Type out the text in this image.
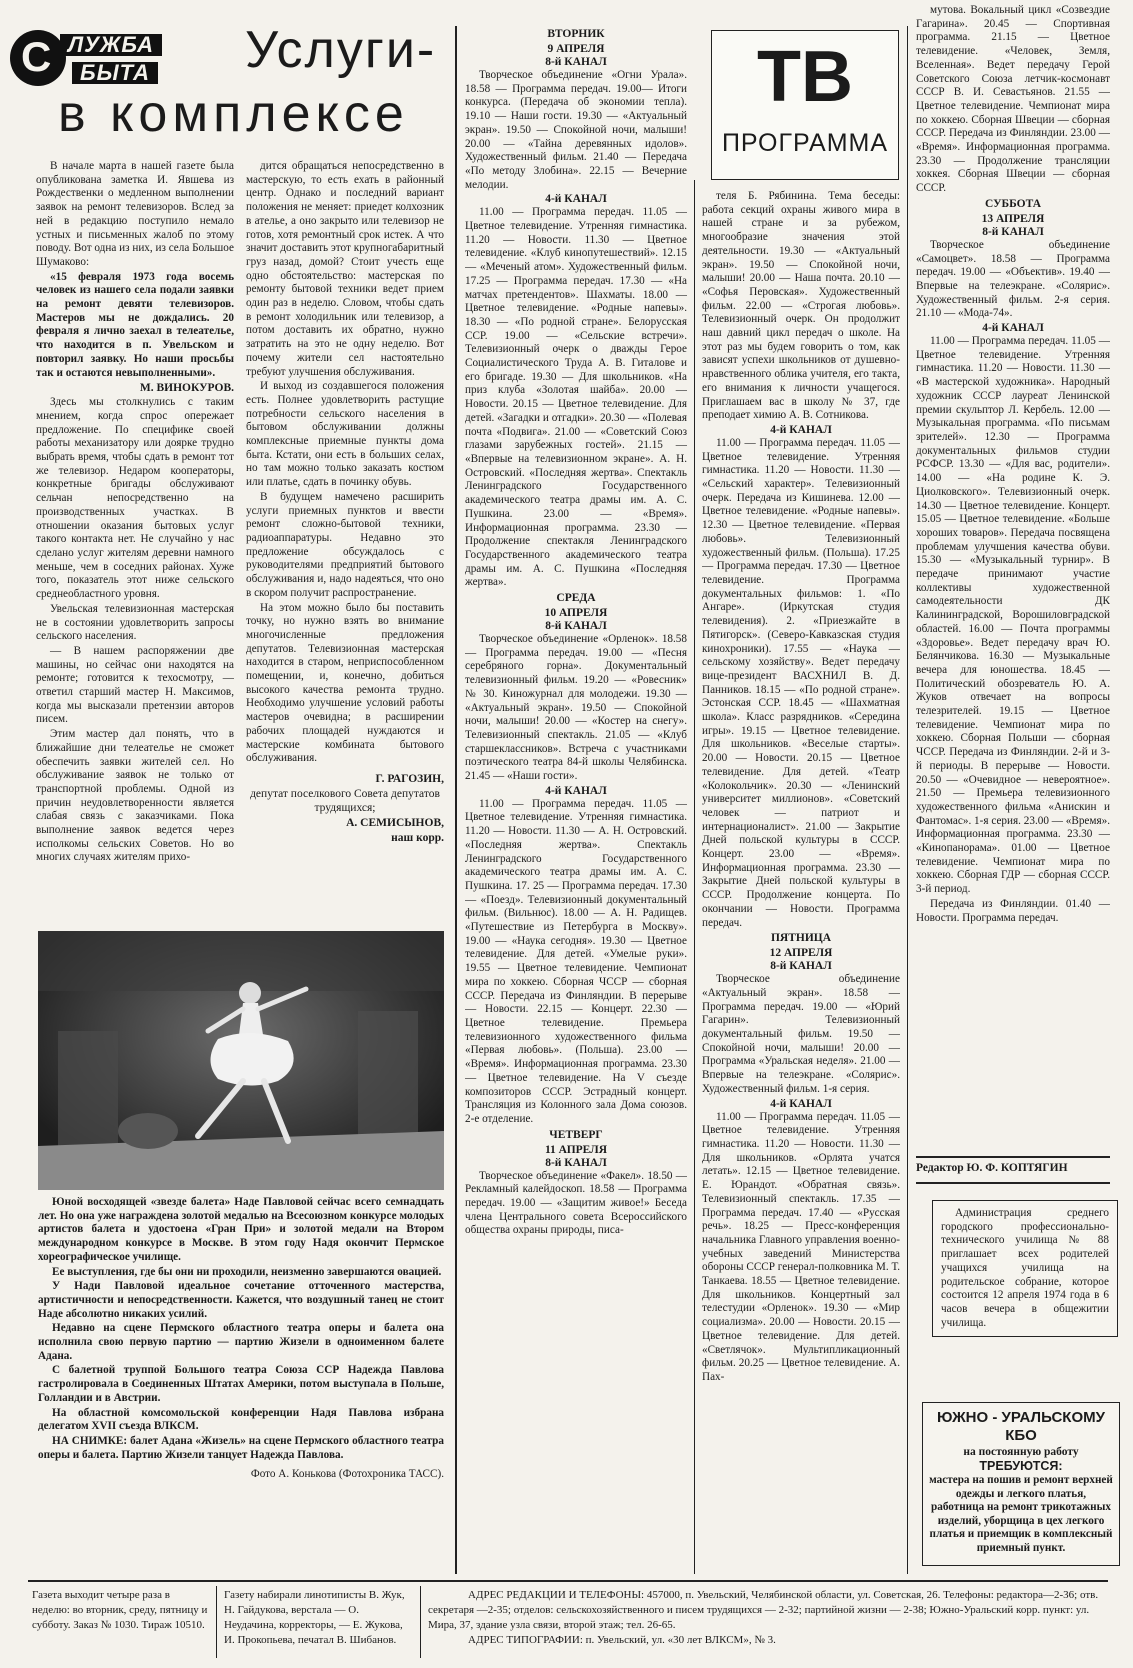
С ЛУЖБА
БЫТА Услуги-
в комплексе

В начале марта в нашей газете была опубликована заметка И. Явшева из Рождественки о медленном выполнении заявок на ремонт телевизоров. Вслед за ней в редакцию поступило немало устных и письменных жалоб по этому поводу. Вот одна из них, из села Большое Шумаково:

«15 февраля 1973 года восемь человек из нашего села подали заявки на ремонт девяти телевизоров. Мастеров мы не дождались. 20 февраля я лично заехал в телеателье, что находится в п. Увельском и повторил заявку. Но наши просьбы так и остаются невыполненными».

М. ВИНОКУРОВ.

Здесь мы столкнулись с таким мнением, когда спрос опережает предложение. По специфике своей работы механизатору или доярке трудно выбрать время, чтобы сдать в ремонт тот же телевизор. Недаром кооператоры, конкретные бригады обслуживают сельчан непосредственно на производственных участках. В отношении оказания бытовых услуг такого контакта нет. Не случайно у нас сделано услуг жителям деревни намного меньше, чем в соседних районах. Хуже того, показатель этот ниже сельского среднеобластного уровня.

Увельская телевизионная мастерская не в состоянии удовлетворить запросы сельского населения.

— В нашем распоряжении две машины, но сейчас они находятся на ремонте; готовится к техосмотру, — ответил старший мастер Н. Максимов, когда мы высказали претензии авторов писем.

Этим мастер дал понять, что в ближайшие дни телеателье не сможет обеспечить заявки жителей сел. Но обслуживание заявок не только от транспортной проблемы. Одной из причин неудовлетворенности является слабая связь с заказчиками. Пока выполнение заявок ведется через исполкомы сельских Советов. Но во многих случаях жителям прихо-

дится обращаться непосредственно в мастерскую, то есть ехать в районный центр. Однако и последний вариант положения не меняет: приедет колхозник в ателье, а оно закрыто или телевизор не готов, хотя ремонтный срок истек. А что значит доставить этот крупногабаритный груз назад, домой? Стоит учесть еще одно обстоятельство: мастерская по ремонту бытовой техники ведет прием один раз в неделю. Словом, чтобы сдать в ремонт холодильник или телевизор, а потом доставить их обратно, нужно затратить на это не одну неделю. Вот почему жители сел настоятельно требуют улучшения обслуживания.

И выход из создавшегося положения есть. Полнее удовлетворить растущие потребности сельского населения в бытовом обслуживании должны комплексные приемные пункты дома быта. Кстати, они есть в больших селах, но там можно только заказать костюм или платье, сдать в починку обувь.

В будущем намечено расширить услуги приемных пунктов и ввести ремонт сложно-бытовой техники, радиоаппаратуры. Недавно это предложение обсуждалось с руководителями предприятий бытового обслуживания и, надо надеяться, что оно в скором получит распространение.

На этом можно было бы поставить точку, но нужно взять во внимание многочисленные предложения депутатов. Телевизионная мастерская находится в старом, неприспособленном помещении, и, конечно, добиться высокого качества ремонта трудно. Необходимо улучшение условий работы мастеров очевидна; в расширении рабочих площадей нуждаются и мастерские комбината бытового обслуживания.

Г. РАГОЗИН,

депутат поселкового Совета депутатов трудящихся;

А. СЕМИСЫНОВ,

наш корр.

Юной восходящей «звезде балета» Наде Павловой сейчас всего семнадцать лет. Но она уже награждена золотой медалью на Всесоюзном конкурсе молодых артистов балета и удостоена «Гран При» и золотой медали на Втором международном конкурсе в Москве. В этом году Надя окончит Пермское хореографическое училище.

Ее выступления, где бы они ни проходили, неизменно завершаются овацией.

У Нади Павловой идеальное сочетание отточенного мастерства, артистичности и непосредственности. Кажется, что воздушный танец не стоит Наде абсолютно никаких усилий.

Недавно на сцене Пермского областного театра оперы и балета она исполнила свою первую партию — партию Жизели в одноименном балете Адана.

С балетной труппой Большого театра Союза ССР Надежда Павлова гастролировала в Соединенных Штатах Америки, потом выступала в Польше, Голландии и в Австрии.

На областной комсомольской конференции Надя Павлова избрана делегатом XVII съезда ВЛКСМ.

НА СНИМКЕ: балет Адана «Жизель» на сцене Пермского областного театра оперы и балета. Партию Жизели танцует Надежда Павлова.

Фото А. Конькова (Фотохроника ТАСС).

ТВ
ПРОГРАММА

ВТОРНИК

9 АПРЕЛЯ

8-й КАНАЛ

Творческое объединение «Огни Урала». 18.58 — Программа передач. 19.00— Итоги конкурса. (Передача об экономии тепла). 19.10 — Наши гости. 19.30 — «Актуальный экран». 19.50 — Спокойной ночи, малыши! 20.00 — «Тайна деревянных идолов». Художественный фильм. 21.40 — Передача «По методу Злобина». 22.15 — Вечерние мелодии.

4-й КАНАЛ

11.00 — Программа передач. 11.05 — Цветное телевидение. Утренняя гимнастика. 11.20 — Новости. 11.30 — Цветное телевидение. «Клуб кинопутешествий». 12.15 — «Меченый атом». Художественный фильм. 17.25 — Программа передач. 17.30 — «На матчах претендентов». Шахматы. 18.00 — Цветное телевидение. «Родные напевы». 18.30 — «По родной стране». Белорусская ССР. 19.00 — «Сельские встречи». Телевизионный очерк о дважды Герое Социалистического Труда А. В. Гиталове и его бригаде. 19.30 — Для школьников. «На приз клуба «Золотая шайба». 20.00 — Новости. 20.15 — Цветное телевидение. Для детей. «Загадки и отгадки». 20.30 — «Полевая почта «Подвига». 21.00 — «Советский Союз глазами зарубежных гостей». 21.15 — «Впервые на телевизионном экране». А. Н. Островский. «Последняя жертва». Спектакль Ленинградского Государственного академического театра драмы им. А. С. Пушкина. 23.00 — «Время». Информационная программа. 23.30 — Продолжение спектакля Ленинградского Государственного академического театра драмы им. А. С. Пушкина «Последняя жертва».

СРЕДА

10 АПРЕЛЯ

8-й КАНАЛ

Творческое объединение «Орленок». 18.58 — Программа передач. 19.00 — «Песня серебряного горна». Документальный телевизионный фильм. 19.20 — «Ровесник» № 30. Киножурнал для молодежи. 19.30 — «Актуальный экран». 19.50 — Спокойной ночи, малыши! 20.00 — «Костер на снегу». Телевизионный спектакль. 21.05 — «Клуб старшеклассников». Встреча с участниками поэтического театра 84-й школы Челябинска. 21.45 — «Наши гости».

4-й КАНАЛ

11.00 — Программа передач. 11.05 — Цветное телевидение. Утренняя гимнастика. 11.20 — Новости. 11.30 — А. Н. Островский. «Последняя жертва». Спектакль Ленинградского Государственного академического театра драмы им. А. С. Пушкина. 17. 25 — Программа передач. 17.30 — «Поезд». Телевизионный документальный фильм. (Вильнюс). 18.00 — А. Н. Радищев. «Путешествие из Петербурга в Москву». 19.00 — «Наука сегодня». 19.30 — Цветное телевидение. Для детей. «Умелые руки». 19.55 — Цветное телевидение. Чемпионат мира по хоккею. Сборная ЧССР — сборная СССР. Передача из Финляндии. В перерыве — Новости. 22.15 — Концерт. 22.30 — Цветное телевидение. Премьера телевизионного художественного фильма «Первая любовь». (Польша). 23.00 — «Время». Информационная программа. 23.30 — Цветное телевидение. На V съезде композиторов СССР. Эстрадный концерт. Трансляция из Колонного зала Дома союзов. 2-е отделение.

ЧЕТВЕРГ

11 АПРЕЛЯ

8-й КАНАЛ

Творческое объединение «Факел». 18.50 — Рекламный калейдоскоп. 18.58 — Программа передач. 19.00 — «Защитим живое!» Беседа члена Центрального совета Всероссийского общества охраны природы, писа-

теля Б. Рябинина. Тема беседы: работа секций охраны живого мира в нашей стране и за рубежом, многообразие значения этой деятельности. 19.30 — «Актуальный экран». 19.50 — Спокойной ночи, малыши! 20.00 — Наша почта. 20.10 — «Софья Перовская». Художественный фильм. 22.00 — «Строгая любовь». Телевизионный очерк. Он продолжит наш давний цикл передач о школе. На этот раз мы будем говорить о том, как зависят успехи школьников от душевно-нравственного облика учителя, его такта, его внимания к личности учащегося. Приглашаем вас в школу № 37, где преподает химию А. В. Сотникова.

4-й КАНАЛ

11.00 — Программа передач. 11.05 — Цветное телевидение. Утренняя гимнастика. 11.20 — Новости. 11.30 — «Сельский характер». Телевизионный очерк. Передача из Кишинева. 12.00 — Цветное телевидение. «Родные напевы». 12.30 — Цветное телевидение. «Первая любовь». Телевизионный художественный фильм. (Польша). 17.25 — Программа передач. 17.30 — Цветное телевидение. Программа документальных фильмов: 1. «По Ангаре». (Иркутская студия телевидения). 2. «Приезжайте в Пятигорск». (Северо-Кавказская студия кинохроники). 17.55 — «Наука — сельскому хозяйству». Ведет передачу вице-президент ВАСХНИЛ В. Д. Панников. 18.15 — «По родной стране». Эстонская ССР. 18.45 — «Шахматная школа». Класс разрядников. «Середина игры». 19.15 — Цветное телевидение. Для школьников. «Веселые старты». 20.00 — Новости. 20.15 — Цветное телевидение. Для детей. «Театр «Колокольчик». 20.30 — «Ленинский университет миллионов». «Советский человек — патриот и интернационалист». 21.00 — Закрытие Дней польской культуры в СССР. Концерт. 23.00 — «Время». Информационная программа. 23.30 — Закрытие Дней польской культуры в СССР. Продолжение концерта. По окончании — Новости. Программа передач.

ПЯТНИЦА

12 АПРЕЛЯ

8-й КАНАЛ

Творческое объединение «Актуальный экран». 18.58 — Программа передач. 19.00 — «Юрий Гагарин». Телевизионный документальный фильм. 19.50 — Спокойной ночи, малыши! 20.00 — Программа «Уральская неделя». 21.00 — Впервые на телеэкране. «Солярис». Художественный фильм. 1-я серия.

4-й КАНАЛ

11.00 — Программа передач. 11.05 — Цветное телевидение. Утренняя гимнастика. 11.20 — Новости. 11.30 — Для школьников. «Орлята учатся летать». 12.15 — Цветное телевидение. Е. Юрандот. «Обратная связь». Телевизионный спектакль. 17.35 — Программа передач. 17.40 — «Русская речь». 18.25 — Пресс-конференция начальника Главного управления военно-учебных заведений Министерства обороны СССР генерал-полковника М. Т. Танкаева. 18.55 — Цветное телевидение. Для школьников. Концертный зал телестудии «Орленок». 19.30 — «Мир социализма». 20.00 — Новости. 20.15 — Цветное телевидение. Для детей. «Светлячок». Мультипликационный фильм. 20.25 — Цветное телевидение. А. Пах-

мутова. Вокальный цикл «Созвездие Гагарина». 20.45 — Спортивная программа. 21.15 — Цветное телевидение. «Человек, Земля, Вселенная». Ведет передачу Герой Советского Союза летчик-космонавт СССР В. И. Севастьянов. 21.55 — Цветное телевидение. Чемпионат мира по хоккею. Сборная Швеции — сборная СССР. Передача из Финляндии. 23.00 — «Время». Информационная программа. 23.30 — Продолжение трансляции хоккея. Сборная Швеции — сборная СССР.

СУББОТА

13 АПРЕЛЯ

8-й КАНАЛ

Творческое объединение «Самоцвет». 18.58 — Программа передач. 19.00 — «Объектив». 19.40 — Впервые на телеэкране. «Солярис». Художественный фильм. 2-я серия. 21.10 — «Мода-74».

4-й КАНАЛ

11.00 — Программа передач. 11.05 — Цветное телевидение. Утренняя гимнастика. 11.20 — Новости. 11.30 — «В мастерской художника». Народный художник СССР лауреат Ленинской премии скульптор Л. Кербель. 12.00 — Музыкальная программа. «По письмам зрителей». 12.30 — Программа документальных фильмов студии РСФСР. 13.30 — «Для вас, родители». 14.00 — «На родине К. Э. Циолковского». Телевизионный очерк. 14.30 — Цветное телевидение. Концерт. 15.05 — Цветное телевидение. «Больше хороших товаров». Передача посвящена проблемам улучшения качества обуви. 15.30 — «Музыкальный турнир». В передаче принимают участие коллективы художественной самодеятельности ДК Калининградской, Ворошиловградской областей. 16.00 — Почта программы «Здоровье». Ведет передачу врач Ю. Белянчикова. 16.30 — Музыкальные вечера для юношества. 18.45 — Политический обозреватель Ю. А. Жуков отвечает на вопросы телезрителей. 19.15 — Цветное телевидение. Чемпионат мира по хоккею. Сборная Польши — сборная ЧССР. Передача из Финляндии. 2-й и 3-й периоды. В перерыве — Новости. 20.50 — «Очевидное — невероятное». 21.50 — Премьера телевизионного художественного фильма «Анискин и Фантомас». 1-я серия. 23.00 — «Время». Информационная программа. 23.30 — «Кинопанорама». 01.00 — Цветное телевидение. Чемпионат мира по хоккею. Сборная ГДР — сборная СССР. 3-й период.

Передача из Финляндии. 01.40 — Новости. Программа передач.

Редактор Ю. Ф. КОПТЯГИН
Администрация среднего городского профессионально-технического училища № 88 приглашает всех родителей учащихся училища на родительское собрание, которое состоится 12 апреля 1974 года в 6 часов вечера в общежитии училища.
ЮЖНО - УРАЛЬСКОМУ КБО
на постоянную работу
ТРЕБУЮТСЯ:
мастера на пошив и ремонт верхней одежды и легкого платья, работница на ремонт трикотажных изделий, уборщица в цех легкого платья и приемщик в комплексный приемный пункт.
Газета выходит четыре раза в неделю: во вторник, среду, пятницу и субботу. Заказ № 1030. Тираж 10510.
Газету набирали линотиписты В. Жук, Н. Гайдукова, верстала — О. Неудачина, корректоры, — Е. Жукова, И. Прокопьева, печатал В. Шибанов.
АДРЕС РЕДАКЦИИ И ТЕЛЕФОНЫ: 457000, п. Увельский, Челябинской области, ул. Советская, 26. Телефоны: редактора—2-36; отв. секретаря —2-35; отделов: сельскохозяйственного и писем трудящихся — 2-32; партийной жизни — 2-38; Южно-Уральский корр. пункт: ул. Мира, 37, здание узла связи, второй этаж; тел. 26-65.
АДРЕС ТИПОГРАФИИ: п. Увельский, ул. «30 лет ВЛКСМ», № 3.
